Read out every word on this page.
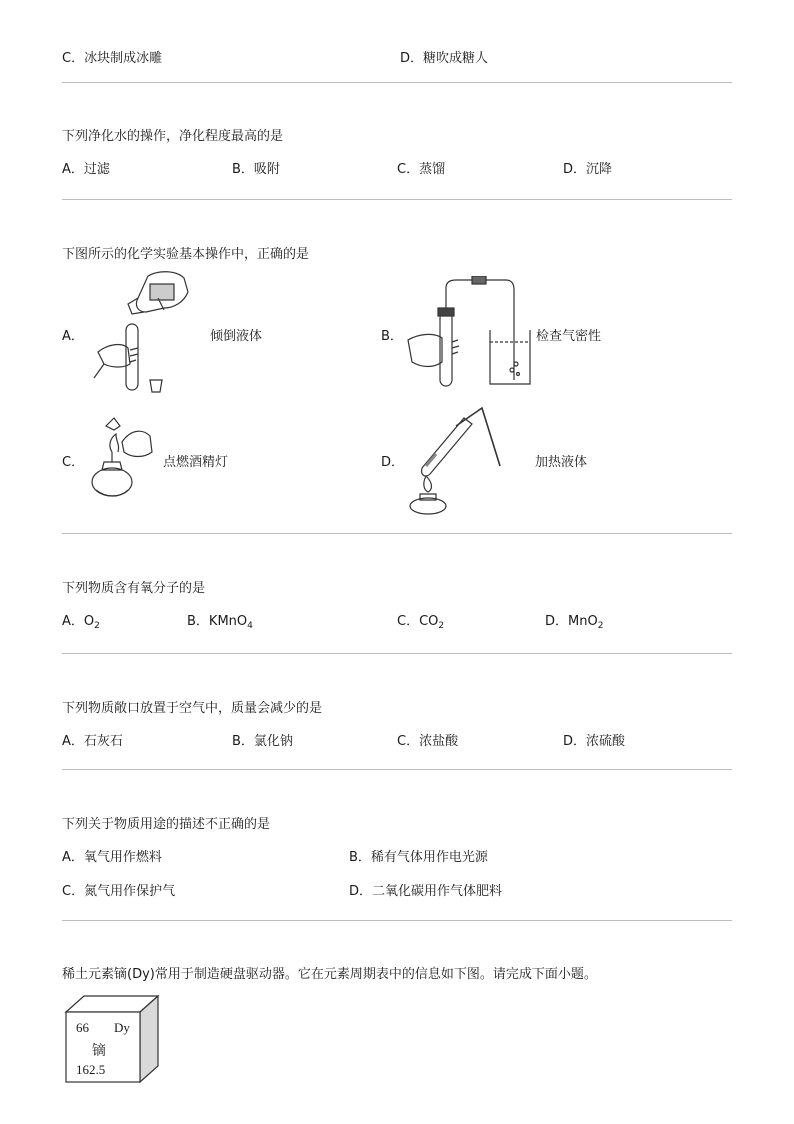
C．冰块制成冰雕	D．糖吹成糖人
下列净化水的操作，净化程度最高的是
A．过滤	B．吸附	C．蒸馏	D．沉降
下图所示的化学实验基本操作中，正确的是
A．	倾倒液体	B．	检查气密性
C．	点燃酒精灯	D．	加热液体
下列物质含有氧分子的是
A．$O_2$	B．KMnO$_4$	C．$CO_2$	D．MnO$_2$
下列物质敞口放置于空气中，质量会减少的是
A．石灰石	B．氯化钠	C．浓盐酸	D．浓硫酸
下列关于物质用途的描述不正确的是
A．氧气用作燃料	B．稀有气体用作电光源
C．氮气用作保护气	D．二氧化碳用作气体肥料
稀土元素镝(Dy)常用于制造硬盘驱动器。它在元素周期表中的信息如下图。请完成下面小题。
66 Dy
镝
162.5
